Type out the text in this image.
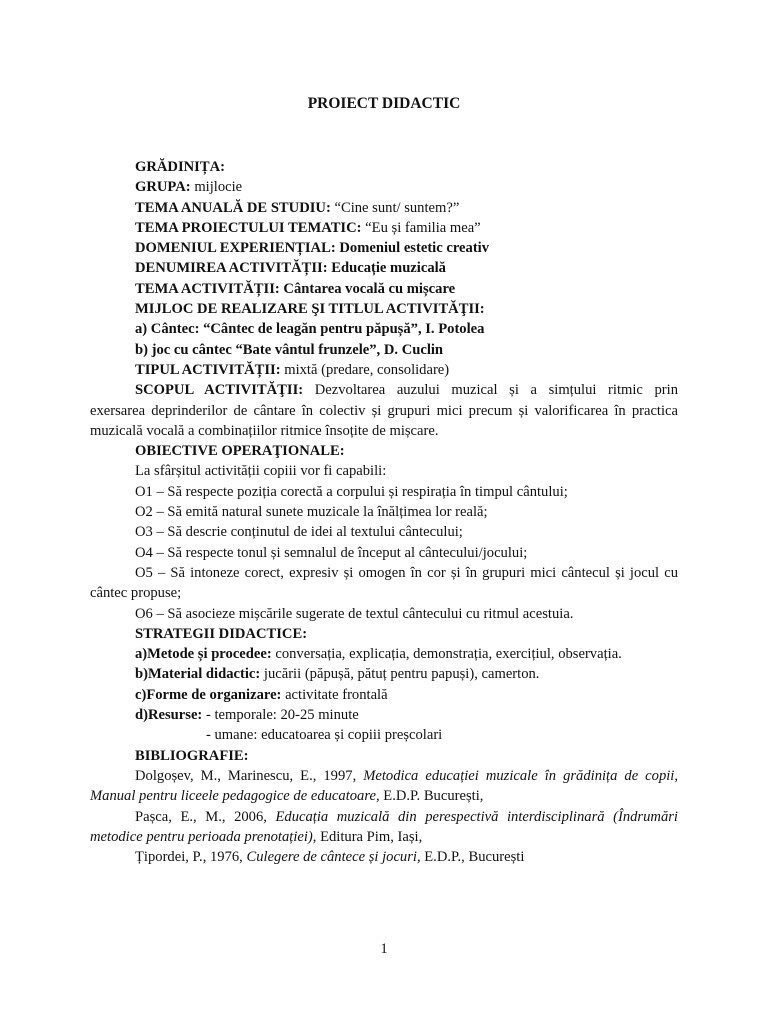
PROIECT DIDACTIC
GRĂDINIȚA:
GRUPA: mijlocie
TEMA ANUALĂ DE STUDIU: “Cine sunt/ suntem?”
TEMA PROIECTULUI TEMATIC: “Eu și familia mea”
DOMENIUL EXPERIENȚIAL: Domeniul estetic creativ
DENUMIREA ACTIVITĂȚII: Educație muzicală
TEMA ACTIVITĂȚII: Cântarea vocală cu mișcare
MIJLOC DE REALIZARE ŞI TITLUL ACTIVITĂŢII:
a) Cântec: “Cântec de leagăn pentru păpușă”, I. Potolea
b) joc cu cântec “Bate vântul frunzele”, D. Cuclin
TIPUL ACTIVITĂȚII: mixtă (predare, consolidare)
SCOPUL ACTIVITĂŢII: Dezvoltarea auzului muzical și a simțului ritmic prin
exersarea deprinderilor de cântare în colectiv și grupuri mici precum și valorificarea în practica
muzicală vocală a combinațiilor ritmice însoțite de mișcare.
OBIECTIVE OPERAŢIONALE:
La sfârșitul activității copiii vor fi capabili:
O1 – Să respecte poziția corectă a corpului și respirația în timpul cântului;
O2 – Să emită natural sunete muzicale la înălțimea lor reală;
O3 – Să descrie conținutul de idei al textului cântecului;
O4 – Să respecte tonul și semnalul de început al cântecului/jocului;
O5 – Să intoneze corect, expresiv și omogen în cor și în grupuri mici cântecul și jocul cu
cântec propuse;
O6 – Să asocieze mișcările sugerate de textul cântecului cu ritmul acestuia.
STRATEGII DIDACTICE:
a)Metode și procedee: conversația, explicația, demonstrația, exercițiul, observația.
b)Material didactic: jucării (păpușă, pătuț pentru papuși), camerton.
c)Forme de organizare: activitate frontală
d)Resurse: - temporale: 20-25 minute
- umane: educatoarea și copiii preșcolari
BIBLIOGRAFIE:
Dolgoșev, M., Marinescu, E., 1997, Metodica educației muzicale în grădinița de copii,
Manual pentru liceele pedagogice de educatoare, E.D.P. București,
Pașca, E., M., 2006, Educația muzicală din perespectivă interdisciplinară (Îndrumări
metodice pentru perioada prenotației), Editura Pim, Iași,
Țipordei, P., 1976, Culegere de cântece și jocuri, E.D.P., București
1
